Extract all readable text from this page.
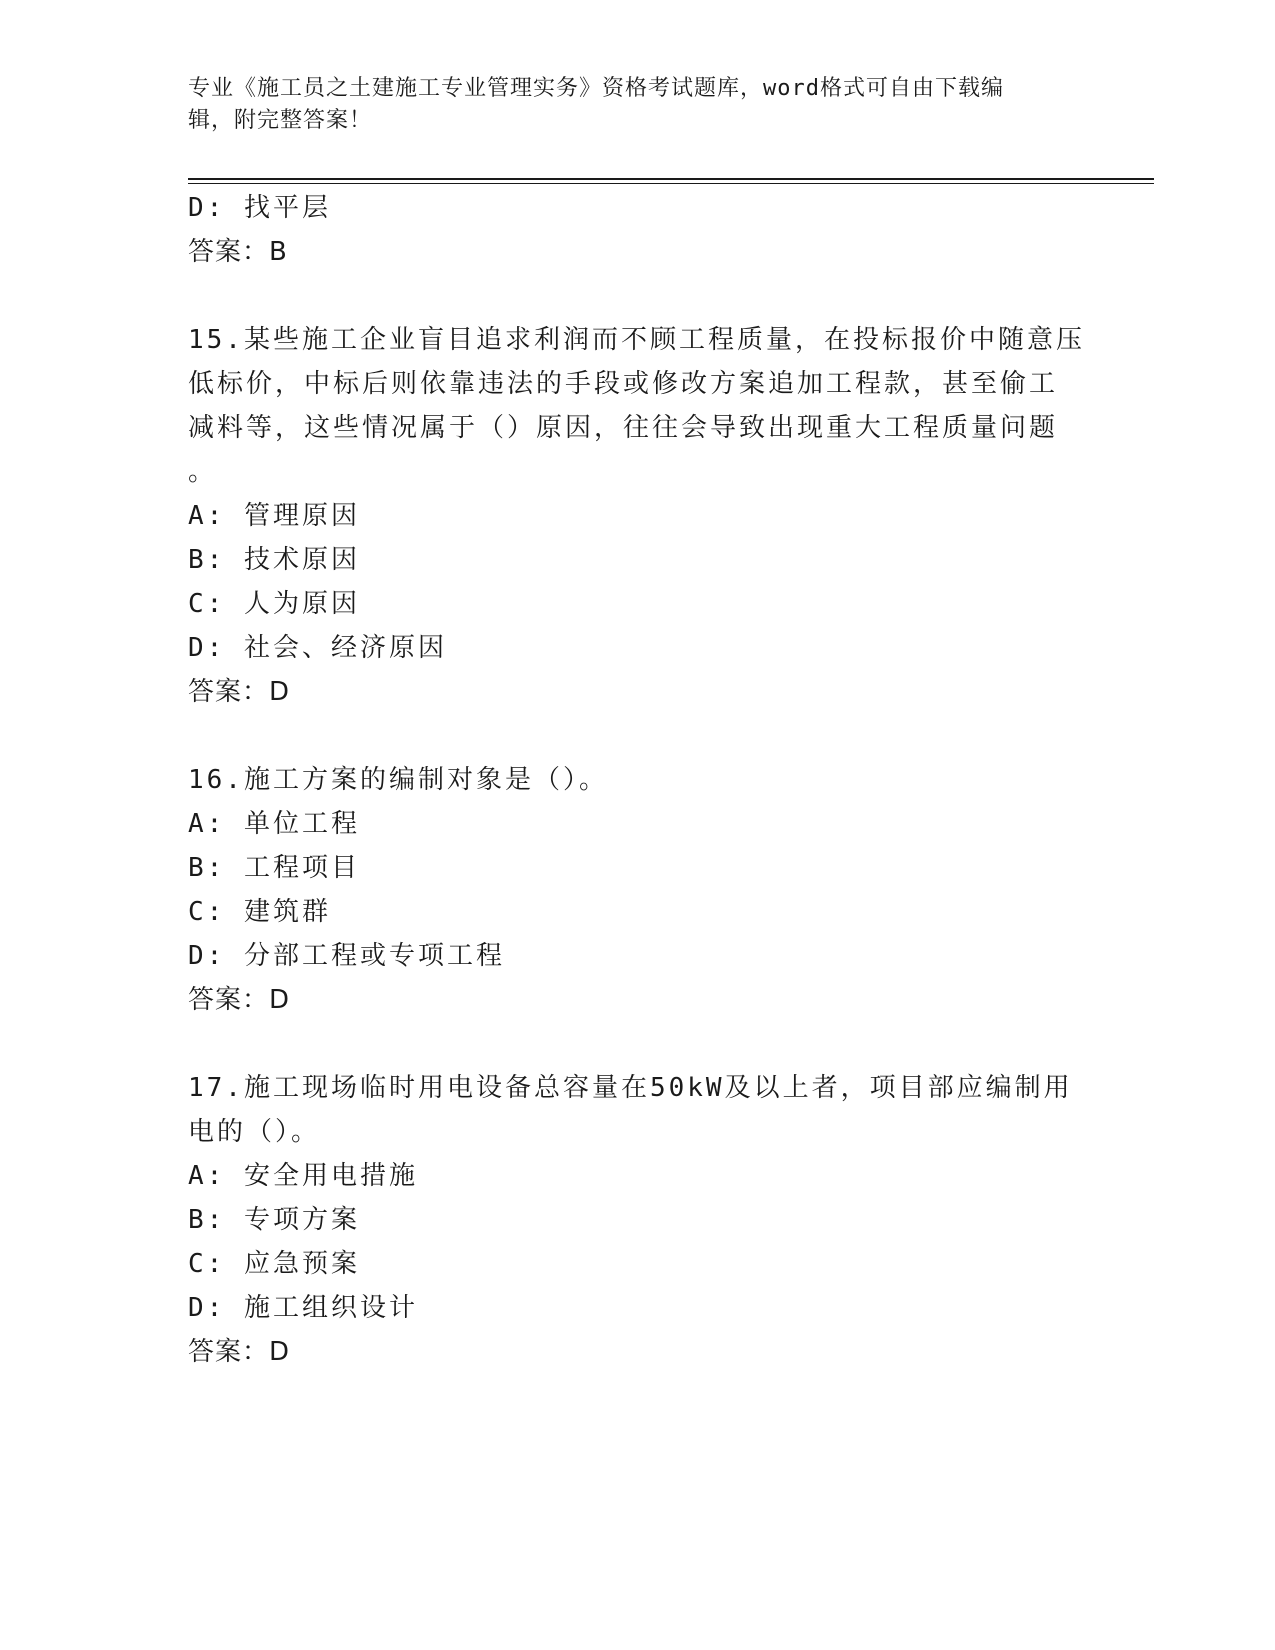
专业《施工员之土建施工专业管理实务》资格考试题库，word格式可自由下载编
辑，附完整答案！
D: 找平层
答案：B
15.某些施工企业盲目追求利润而不顾工程质量，在投标报价中随意压
低标价，中标后则依靠违法的手段或修改方案追加工程款，甚至偷工
减料等，这些情况属于（）原因，往往会导致出现重大工程质量问题
。
A: 管理原因
B: 技术原因
C: 人为原因
D: 社会、经济原因
答案：D
16.施工方案的编制对象是（）。
A: 单位工程
B: 工程项目
C: 建筑群
D: 分部工程或专项工程
答案：D
17.施工现场临时用电设备总容量在50kW及以上者，项目部应编制用
电的（）。
A: 安全用电措施
B: 专项方案
C: 应急预案
D: 施工组织设计
答案：D
